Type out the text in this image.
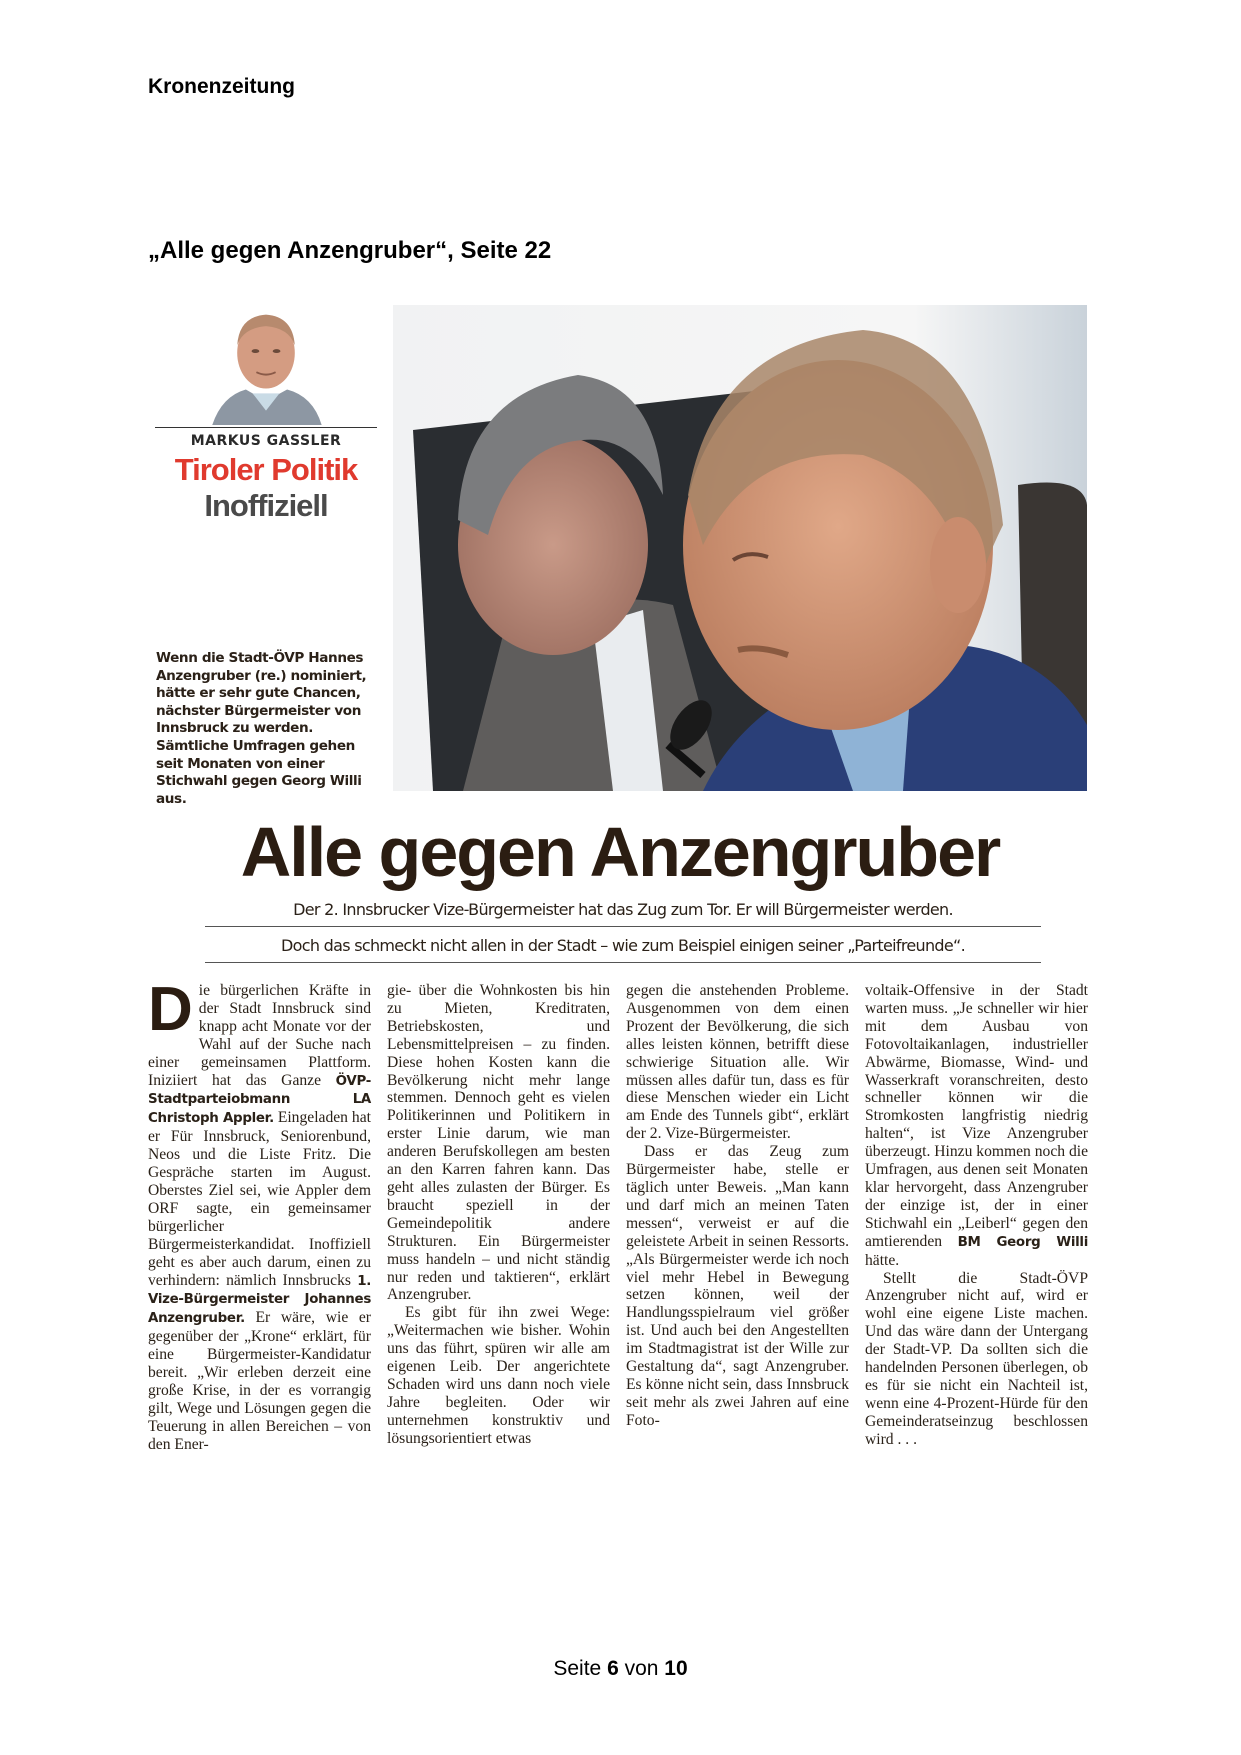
Kronenzeitung
„Alle gegen Anzengruber“, Seite 22
MARKUS GASSLER
Tiroler Politik
Inoffiziell
Wenn die Stadt-ÖVP Hannes Anzengruber (re.) nominiert, hätte er sehr gute Chancen, nächster Bürgermeister von Innsbruck zu werden. Sämtliche Umfragen gehen seit Monaten von einer Stichwahl gegen Georg Willi aus.
Alle gegen Anzengruber
Der 2. Innsbrucker Vize-Bürgermeister hat das Zug zum Tor. Er will Bürgermeister werden.
Doch das schmeckt nicht allen in der Stadt – wie zum Beispiel einigen seiner „Parteifreunde“.

Die bürgerlichen Kräfte in der Stadt Innsbruck sind knapp acht Monate vor der Wahl auf der Suche nach einer gemeinsamen Plattform. Iniziiert hat das Ganze ÖVP-Stadtparteiobmann LA Christoph Appler. Eingeladen hat er Für Innsbruck, Seniorenbund, Neos und die Liste Fritz. Die Gespräche starten im August. Oberstes Ziel sei, wie Appler dem ORF sagte, ein gemeinsamer bürgerlicher Bürgermeisterkandidat. Inoffiziell geht es aber auch darum, einen zu verhindern: nämlich Innsbrucks 1. Vize-Bürgermeister Johannes Anzengruber. Er wäre, wie er gegenüber der „Krone“ erklärt, für eine Bürgermeister-Kandidatur bereit. „Wir erleben derzeit eine große Krise, in der es vorrangig gilt, Wege und Lösungen gegen die Teuerung in allen Bereichen – von den Ener-

gie- über die Wohnkosten bis hin zu Mieten, Kreditraten, Betriebskosten, und Lebensmittelpreisen – zu finden. Diese hohen Kosten kann die Bevölkerung nicht mehr lange stemmen. Dennoch geht es vielen Politikerinnen und Politikern in erster Linie darum, wie man anderen Berufskollegen am besten an den Karren fahren kann. Das geht alles zulasten der Bürger. Es braucht speziell in der Gemeindepolitik andere Strukturen. Ein Bürgermeister muss handeln – und nicht ständig nur reden und taktieren“, erklärt Anzengruber.

Es gibt für ihn zwei Wege: „Weitermachen wie bisher. Wohin uns das führt, spüren wir alle am eigenen Leib. Der angerichtete Schaden wird uns dann noch viele Jahre begleiten. Oder wir unternehmen konstruktiv und lösungsorientiert etwas

gegen die anstehenden Probleme. Ausgenommen von dem einen Prozent der Bevölkerung, die sich alles leisten können, betrifft diese schwierige Situation alle. Wir müssen alles dafür tun, dass es für diese Menschen wieder ein Licht am Ende des Tunnels gibt“, erklärt der 2. Vize-Bürgermeister.

Dass er das Zeug zum Bürgermeister habe, stelle er täglich unter Beweis. „Man kann und darf mich an meinen Taten messen“, verweist er auf die geleistete Arbeit in seinen Ressorts. „Als Bürgermeister werde ich noch viel mehr Hebel in Bewegung setzen können, weil der Handlungsspielraum viel größer ist. Und auch bei den Angestellten im Stadtmagistrat ist der Wille zur Gestaltung da“, sagt Anzengruber. Es könne nicht sein, dass Innsbruck seit mehr als zwei Jahren auf eine Foto-

voltaik-Offensive in der Stadt warten muss. „Je schneller wir hier mit dem Ausbau von Fotovoltaikanlagen, industrieller Abwärme, Biomasse, Wind- und Wasserkraft voranschreiten, desto schneller können wir die Stromkosten langfristig niedrig halten“, ist Vize Anzengruber überzeugt. Hinzu kommen noch die Umfragen, aus denen seit Monaten klar hervorgeht, dass Anzengruber der einzige ist, der in einer Stichwahl ein „Leiberl“ gegen den amtierenden BM Georg Willi hätte.

Stellt die Stadt-ÖVP Anzengruber nicht auf, wird er wohl eine eigene Liste machen. Und das wäre dann der Untergang der Stadt-VP. Da sollten sich die handelnden Personen überlegen, ob es für sie nicht ein Nachteil ist, wenn eine 4-Prozent-Hürde für den Gemeinderatseinzug beschlossen wird . . .

Seite 6 von 10
